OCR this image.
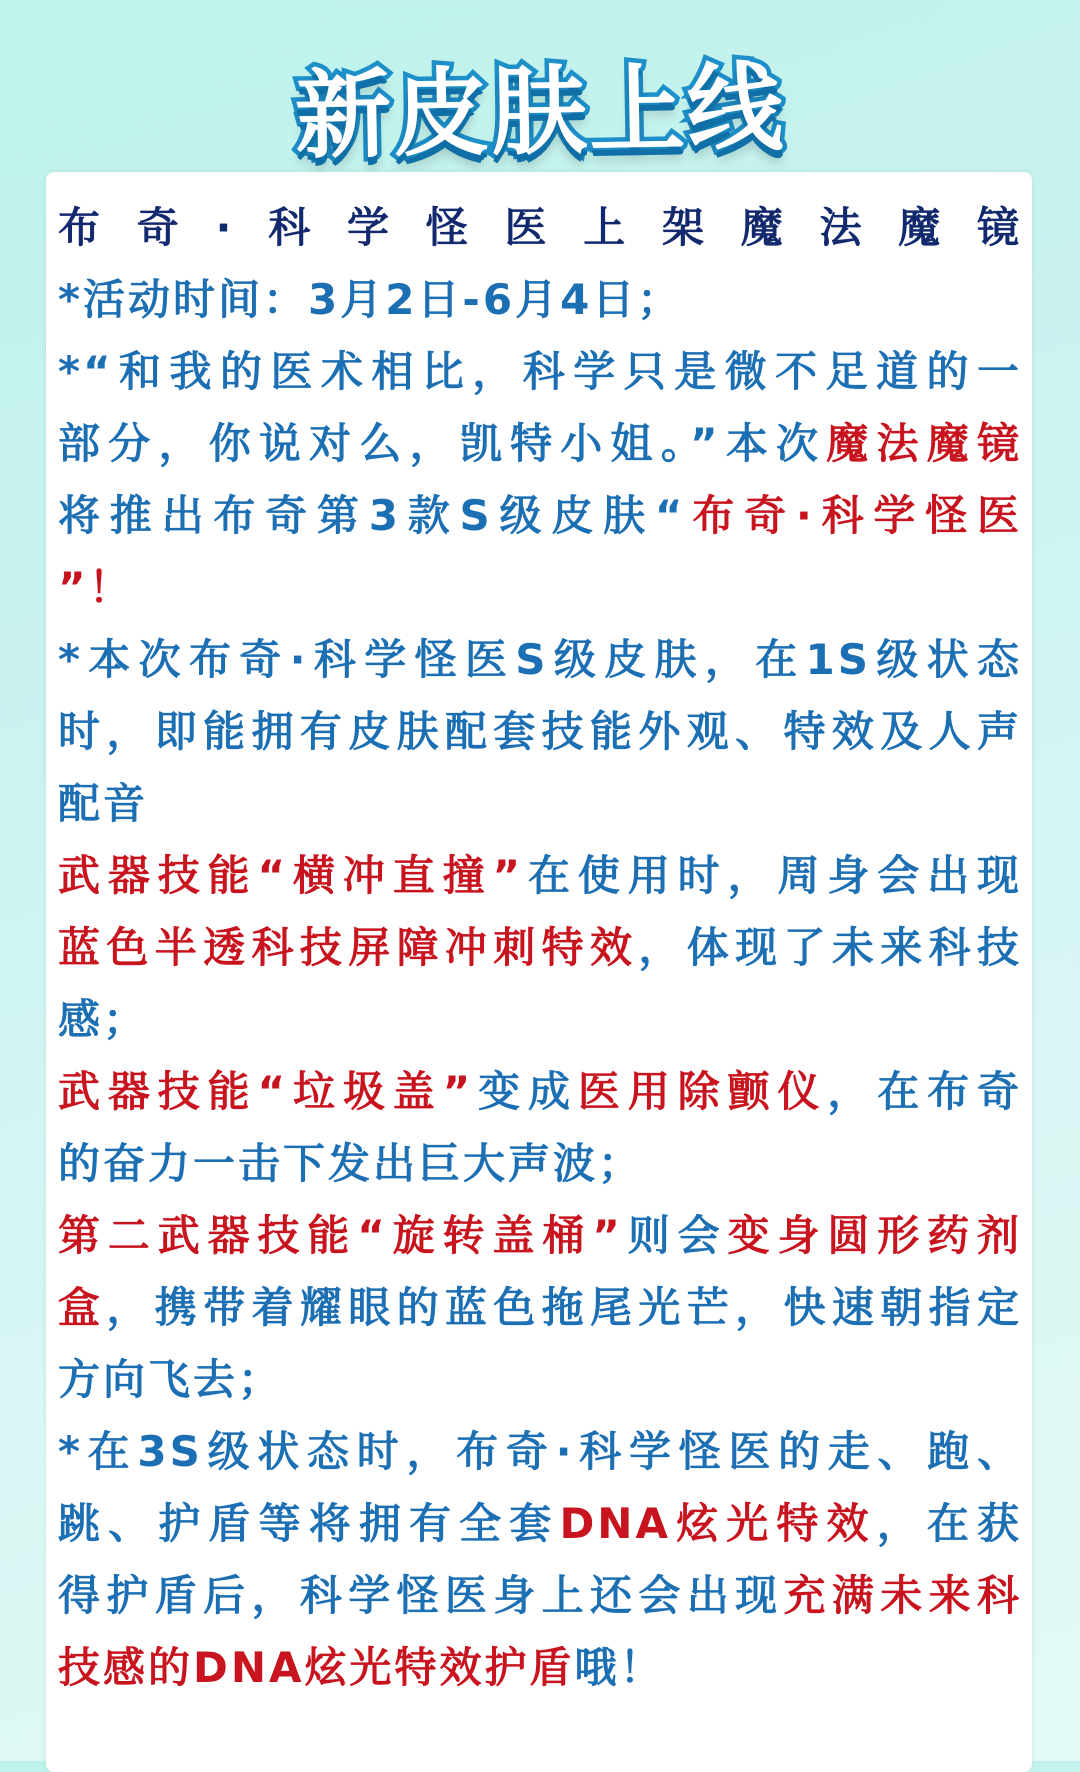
新皮肤上线
布奇·科学怪医上架魔法魔镜
*活动时间：3月2日-6月4日；
*“和我的医术相比，科学只是微不足道的一
部分，你说对么，凯特小姐。”本次魔法魔镜
将推出布奇第3款S级皮肤“布奇·科学怪医
”！
*本次布奇·科学怪医S级皮肤，在1S级状态
时，即能拥有皮肤配套技能外观、特效及人声
配音
武器技能“横冲直撞”在使用时，周身会出现
蓝色半透科技屏障冲刺特效，体现了未来科技
感；
武器技能“垃圾盖”变成医用除颤仪，在布奇
的奋力一击下发出巨大声波；
第二武器技能“旋转盖桶”则会变身圆形药剂
盒，携带着耀眼的蓝色拖尾光芒，快速朝指定
方向飞去；
*在3S级状态时，布奇·科学怪医的走、跑、
跳、护盾等将拥有全套DNA炫光特效，在获
得护盾后，科学怪医身上还会出现充满未来科
技感的DNA炫光特效护盾哦！
